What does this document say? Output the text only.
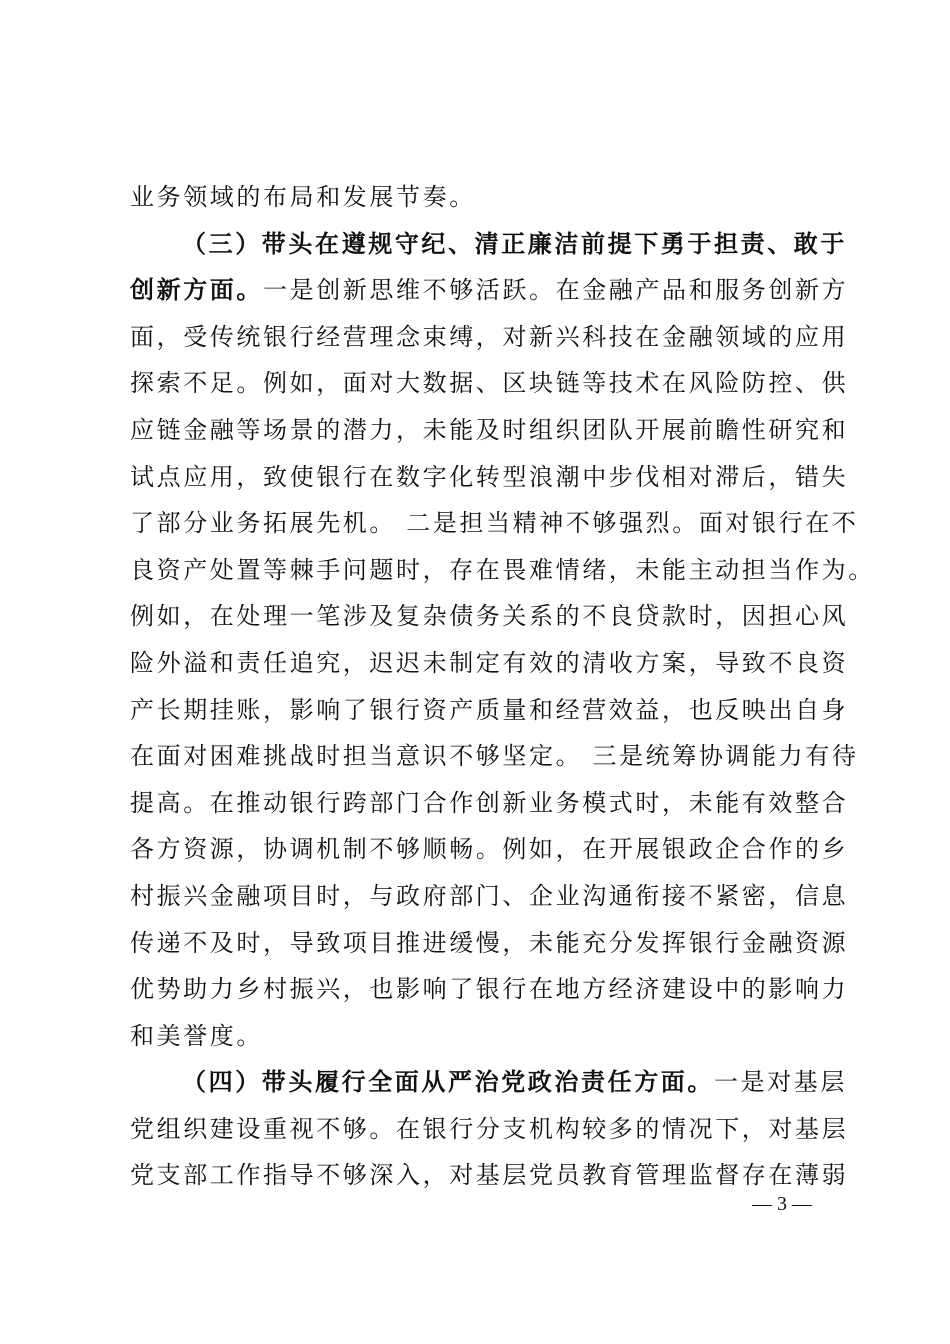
业务领域的布局和发展节奏。
（三）带头在遵规守纪、清正廉洁前提下勇于担责、敢于
创新方面。一是创新思维不够活跃。在金融产品和服务创新方
面，受传统银行经营理念束缚，对新兴科技在金融领域的应用
探索不足。例如，面对大数据、区块链等技术在风险防控、供
应链金融等场景的潜力，未能及时组织团队开展前瞻性研究和
试点应用，致使银行在数字化转型浪潮中步伐相对滞后，错失
了部分业务拓展先机。 二是担当精神不够强烈。面对银行在不
良资产处置等棘手问题时，存在畏难情绪，未能主动担当作为。
例如，在处理一笔涉及复杂债务关系的不良贷款时，因担心风
险外溢和责任追究，迟迟未制定有效的清收方案，导致不良资
产长期挂账，影响了银行资产质量和经营效益，也反映出自身
在面对困难挑战时担当意识不够坚定。 三是统筹协调能力有待
提高。在推动银行跨部门合作创新业务模式时，未能有效整合
各方资源，协调机制不够顺畅。例如，在开展银政企合作的乡
村振兴金融项目时，与政府部门、企业沟通衔接不紧密，信息
传递不及时，导致项目推进缓慢，未能充分发挥银行金融资源
优势助力乡村振兴，也影响了银行在地方经济建设中的影响力
和美誉度。
（四）带头履行全面从严治党政治责任方面。一是对基层
党组织建设重视不够。在银行分支机构较多的情况下，对基层
党支部工作指导不够深入，对基层党员教育管理监督存在薄弱
— 3 —
